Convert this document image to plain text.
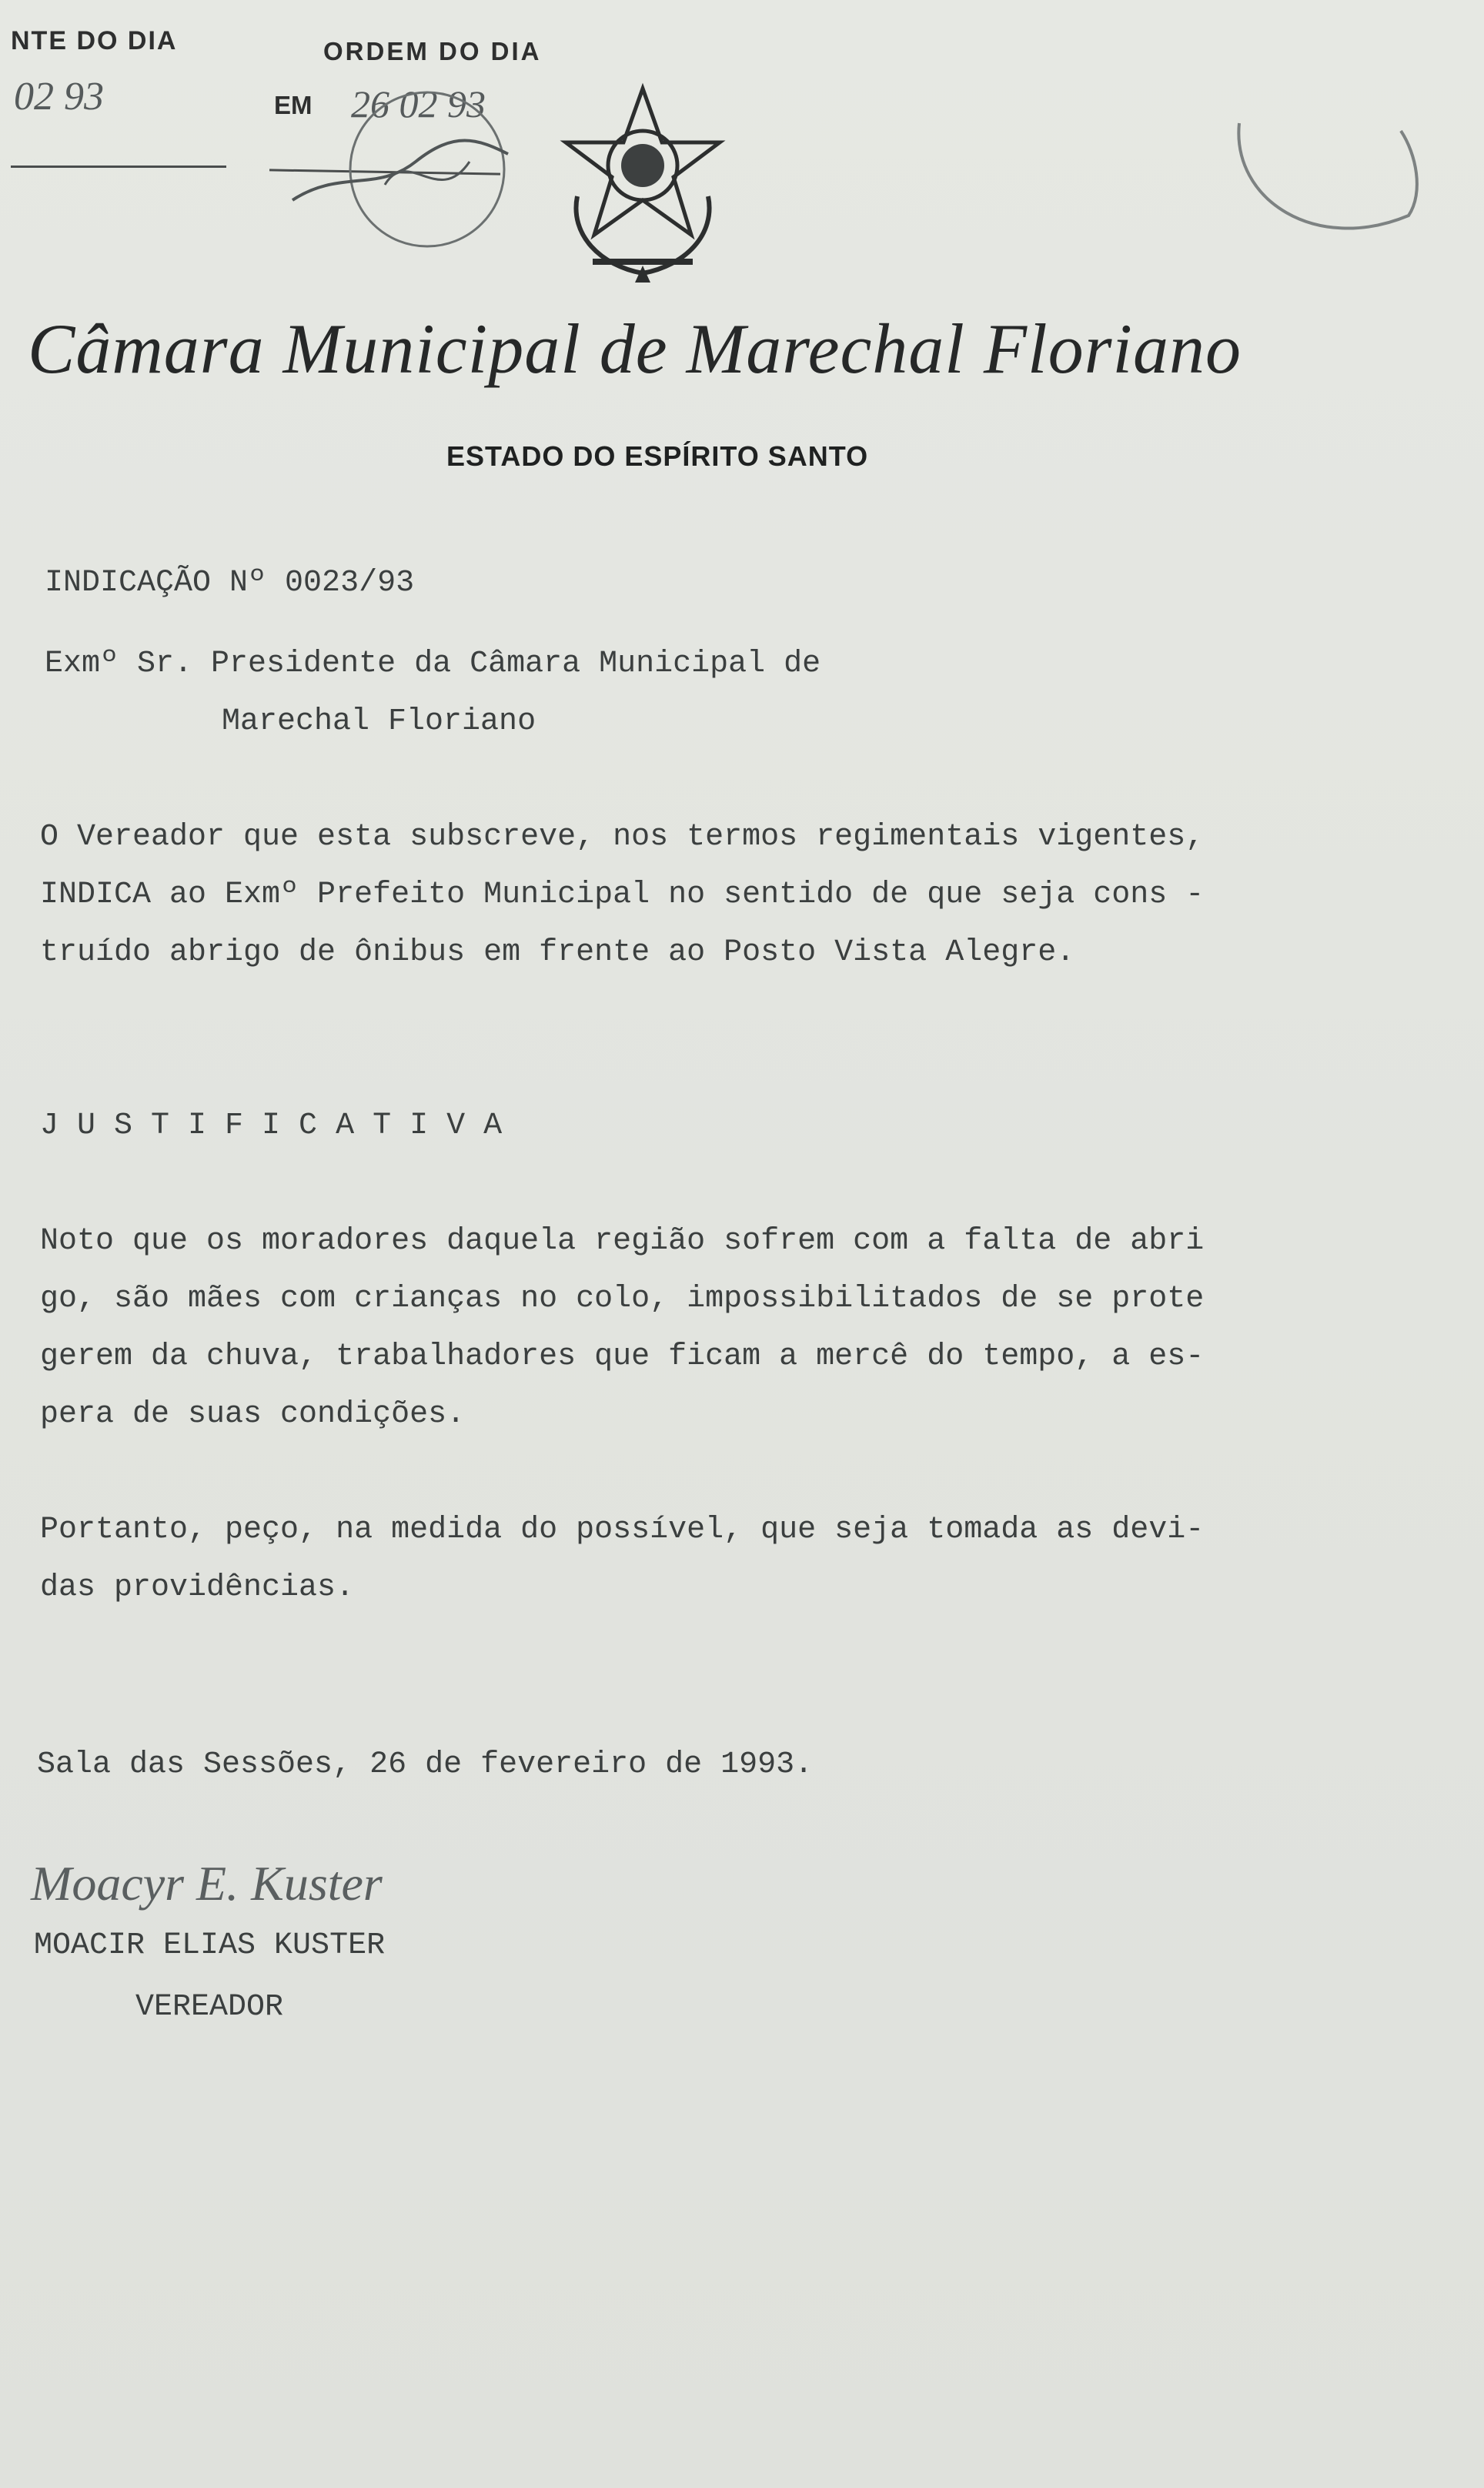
NTE DO DIA
02 93
ORDEM DO DIA
EM 26 02 93
Câmara Municipal de Marechal Floriano
ESTADO DO ESPÍRITO SANTO
INDICAÇÃO Nº 0023/93
Exmº Sr. Presidente da Câmara Municipal de
Marechal Floriano
O Vereador que esta subscreve, nos termos regimentais vigentes,
INDICA ao Exmº Prefeito Municipal no sentido de que seja cons -
truído abrigo de ônibus em frente ao Posto Vista Alegre.
J U S T I F I C A T I V A
Noto que os moradores daquela região sofrem com a falta de abri
go, são mães com crianças no colo, impossibilitados de se prote
gerem da chuva, trabalhadores que ficam a mercê do tempo, a es-
pera de suas condições.
Portanto, peço, na medida do possível, que seja tomada as devi-
das providências.
Sala das Sessões, 26 de fevereiro de 1993.
Moacyr E. Kuster
MOACIR ELIAS KUSTER
VEREADOR
